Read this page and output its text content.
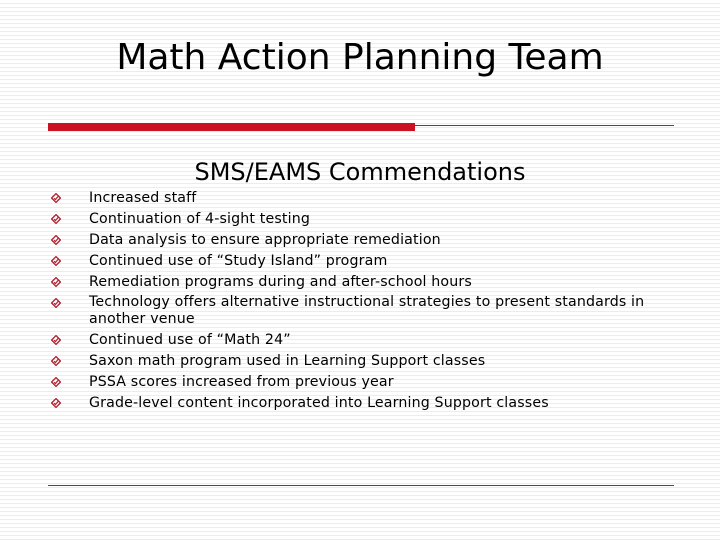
Math Action Planning Team
SMS/EAMS Commendations
Increased staff
Continuation of 4-sight testing
Data analysis to ensure appropriate remediation
Continued use of “Study Island” program
Remediation programs during and after-school hours
Technology offers alternative instructional strategies to present standards in another venue
Continued use of “Math 24”
Saxon math program used in Learning Support classes
PSSA scores increased from previous year
Grade-level content incorporated into Learning Support classes
